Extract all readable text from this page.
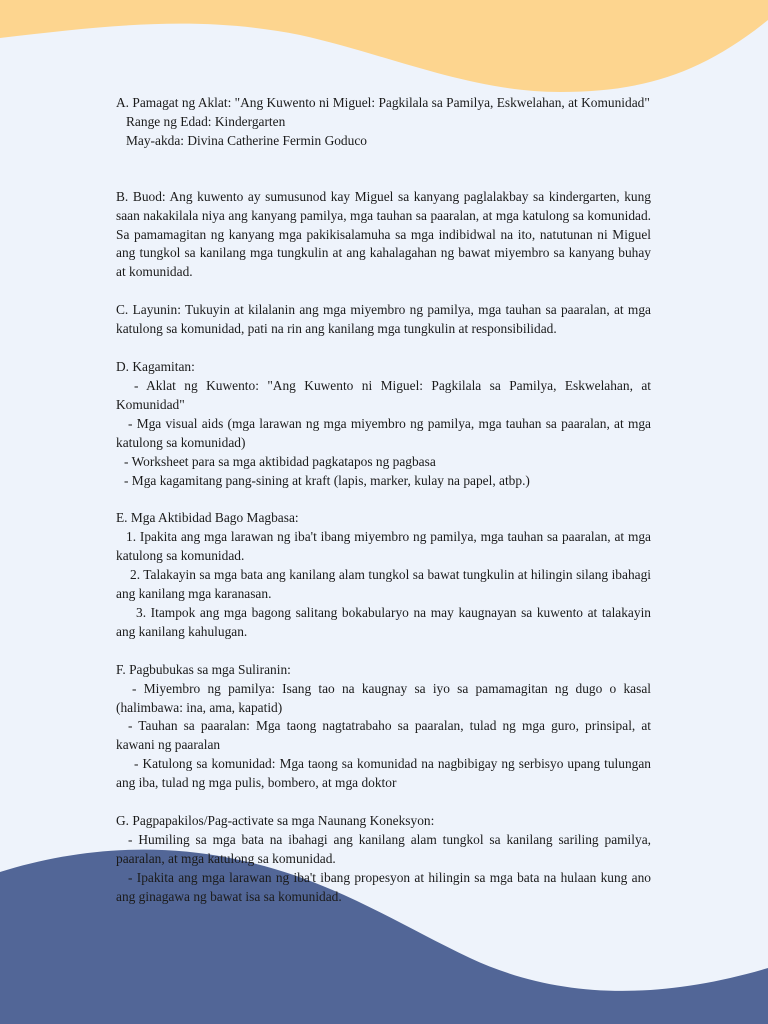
A. Pamagat ng Aklat: "Ang Kuwento ni Miguel: Pagkilala sa Pamilya, Eskwelahan, at Komunidad"

Range ng Edad: Kindergarten

May-akda: Divina Catherine Fermin Goduco

B. Buod: Ang kuwento ay sumusunod kay Miguel sa kanyang paglalakbay sa kindergarten, kung saan nakakilala niya ang kanyang pamilya, mga tauhan sa paaralan, at mga katulong sa komunidad. Sa pamamagitan ng kanyang mga pakikisalamuha sa mga indibidwal na ito, natutunan ni Miguel ang tungkol sa kanilang mga tungkulin at ang kahalagahan ng bawat miyembro sa kanyang buhay at komunidad.

C. Layunin: Tukuyin at kilalanin ang mga miyembro ng pamilya, mga tauhan sa paaralan, at mga katulong sa komunidad, pati na rin ang kanilang mga tungkulin at responsibilidad.

D. Kagamitan:

- Aklat ng Kuwento: "Ang Kuwento ni Miguel: Pagkilala sa Pamilya, Eskwelahan, at Komunidad"

- Mga visual aids (mga larawan ng mga miyembro ng pamilya, mga tauhan sa paaralan, at mga katulong sa komunidad)

- Worksheet para sa mga aktibidad pagkatapos ng pagbasa

- Mga kagamitang pang-sining at kraft (lapis, marker, kulay na papel, atbp.)

E. Mga Aktibidad Bago Magbasa:

1. Ipakita ang mga larawan ng iba't ibang miyembro ng pamilya, mga tauhan sa paaralan, at mga katulong sa komunidad.

2. Talakayin sa mga bata ang kanilang alam tungkol sa bawat tungkulin at hilingin silang ibahagi ang kanilang mga karanasan.

3. Itampok ang mga bagong salitang bokabularyo na may kaugnayan sa kuwento at talakayin ang kanilang kahulugan.

F. Pagbubukas sa mga Suliranin:

- Miyembro ng pamilya: Isang tao na kaugnay sa iyo sa pamamagitan ng dugo o kasal (halimbawa: ina, ama, kapatid)

- Tauhan sa paaralan: Mga taong nagtatrabaho sa paaralan, tulad ng mga guro, prinsipal, at kawani ng paaralan

- Katulong sa komunidad: Mga taong sa komunidad na nagbibigay ng serbisyo upang tulungan ang iba, tulad ng mga pulis, bombero, at mga doktor

G. Pagpapakilos/Pag-activate sa mga Naunang Koneksyon:

- Humiling sa mga bata na ibahagi ang kanilang alam tungkol sa kanilang sariling pamilya, paaralan, at mga katulong sa komunidad.

- Ipakita ang mga larawan ng iba't ibang propesyon at hilingin sa mga bata na hulaan kung ano ang ginagawa ng bawat isa sa komunidad.
